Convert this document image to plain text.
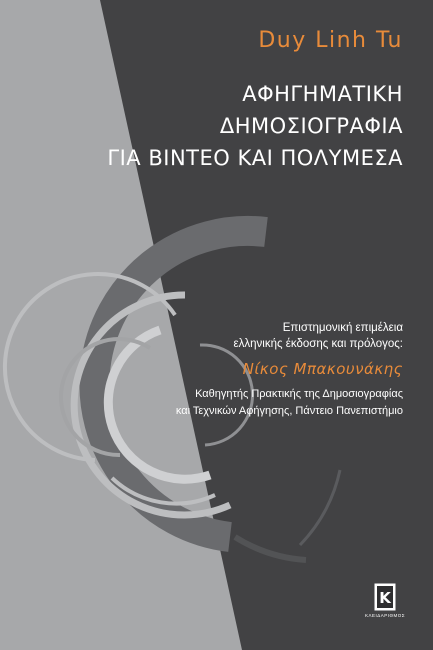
Duy Linh Tu
ΑΦΗΓΗΜΑΤΙΚΗ
ΔΗΜΟΣΙΟΓΡΑΦΙΑ
ΓΙΑ ΒΙΝΤΕΟ ΚΑΙ ΠΟΛΥΜΕΣΑ
Επιστημονική επιμέλεια
ελληνικής έκδοσης και πρόλογος:
Νίκος Μπακουνάκης
Καθηγητής Πρακτικής της Δημοσιογραφίας
και Τεχνικών Αφήγησης, Πάντειο Πανεπιστήμιο
K
ΚΛΕΙΔΑΡΙΘΜΟΣ
